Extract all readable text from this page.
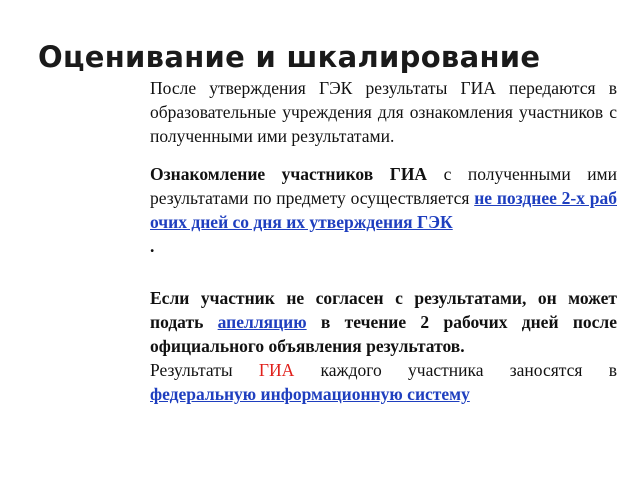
Оценивание и шкалирование

После утверждения ГЭК результаты ГИА передаются в образовательные учреждения для ознакомления участников с полученными ими результатами.

Ознакомление участников ГИА с полученными ими результатами по предмету осуществляется не позднее 2-х рабочих дней со дня их утверждения ГЭК
.

Если участник не согласен с результатами, он может подать апелляцию в течение 2 рабочих дней после официального объявления результатов.

Результаты ГИА каждого участника заносятся в федеральную информационную систему
